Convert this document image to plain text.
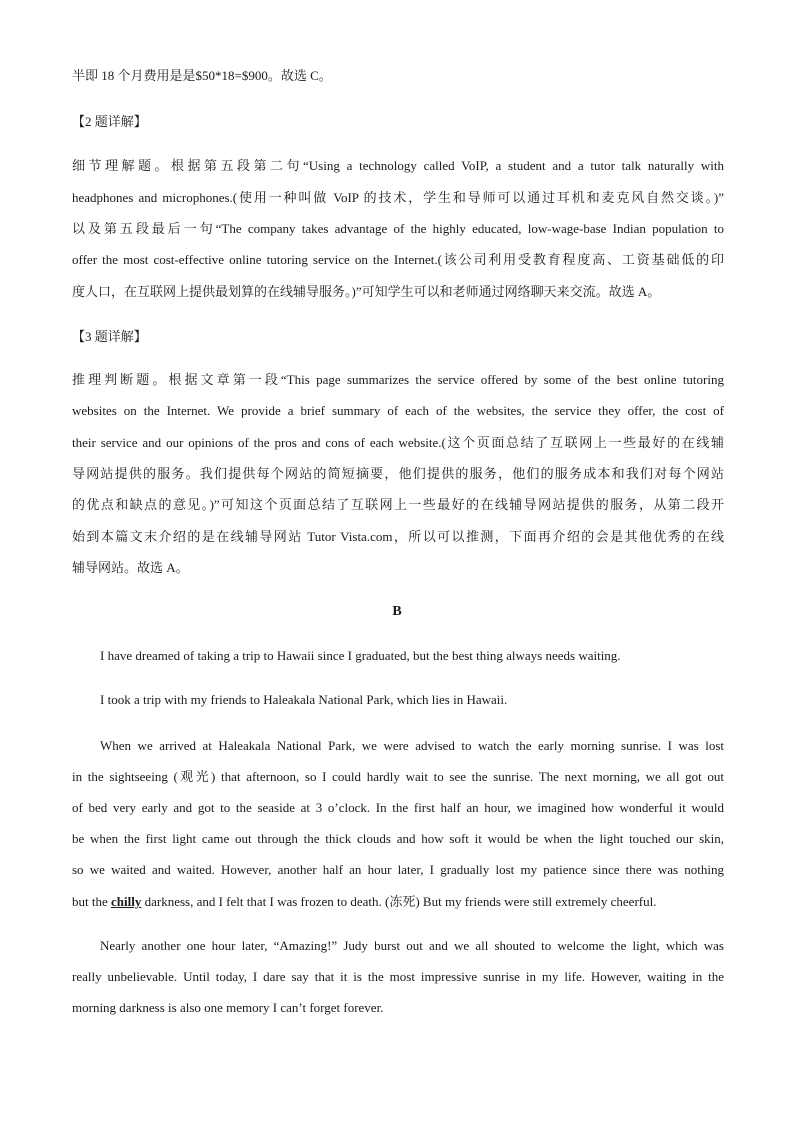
半即 18 个月费用是是$50*18=$900。故选 C。
【2 题详解】
细节理解题。根据第五段第二句“Using a technology called VoIP, a student and a tutor talk naturally with
headphones and microphones.(使用一种叫做 VoIP 的技术，学生和导师可以通过耳机和麦克风自然交谈。)”
以及第五段最后一句“The company takes advantage of the highly educated, low-wage-base Indian population to
offer the most cost-effective online tutoring service on the Internet.(该公司利用受教育程度高、工资基础低的印
度人口，在互联网上提供最划算的在线辅导服务。)”可知学生可以和老师通过网络聊天来交流。故选 A。
【3 题详解】
推理判断题。根据文章第一段“This page summarizes the service offered by some of the best online tutoring
websites on the Internet. We provide a brief summary of each of the websites, the service they offer, the cost of
their service and our opinions of the pros and cons of each website.(这个页面总结了互联网上一些最好的在线辅
导网站提供的服务。我们提供每个网站的简短摘要，他们提供的服务，他们的服务成本和我们对每个网站
的优点和缺点的意见。)”可知这个页面总结了互联网上一些最好的在线辅导网站提供的服务，从第二段开
始到本篇文末介绍的是在线辅导网站 Tutor Vista.com，所以可以推测，下面再介绍的会是其他优秀的在线
辅导网站。故选 A。
B
I have dreamed of taking a trip to Hawaii since I graduated, but the best thing always needs waiting.
I took a trip with my friends to Haleakala National Park, which lies in Hawaii.
When we arrived at Haleakala National Park, we were advised to watch the early morning sunrise. I was lost
in the sightseeing (观光) that afternoon, so I could hardly wait to see the sunrise. The next morning, we all got out
of bed very early and got to the seaside at 3 o’clock. In the first half an hour, we imagined how wonderful it would
be when the first light came out through the thick clouds and how soft it would be when the light touched our skin,
so we waited and waited. However, another half an hour later, I gradually lost my patience since there was nothing
but the chilly darkness, and I felt that I was frozen to death. (冻死) But my friends were still extremely cheerful.
Nearly another one hour later, “Amazing!” Judy burst out and we all shouted to welcome the light, which was
really unbelievable. Until today, I dare say that it is the most impressive sunrise in my life. However, waiting in the
morning darkness is also one memory I can’t forget forever.
